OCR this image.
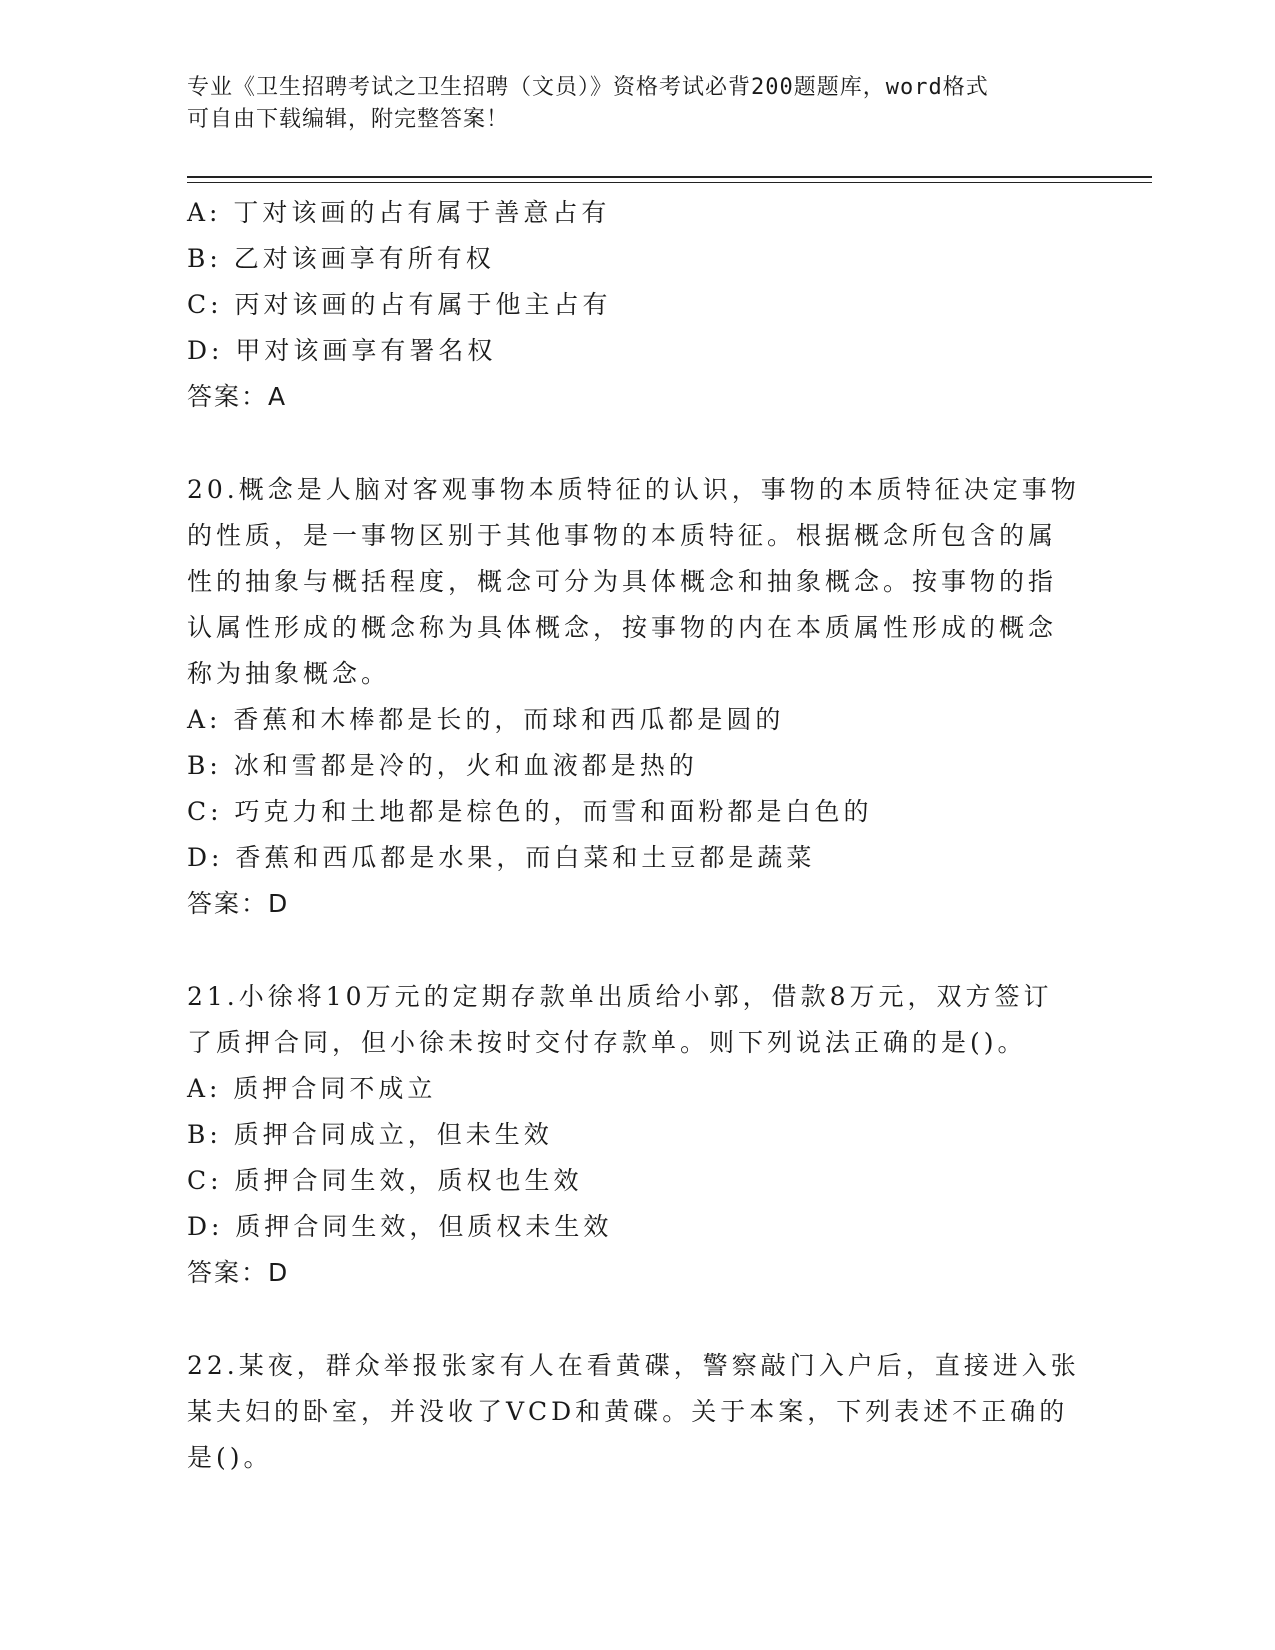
专业《卫生招聘考试之卫生招聘（文员）》资格考试必背200题题库，word格式
可自由下载编辑，附完整答案！
A: 丁对该画的占有属于善意占有
B: 乙对该画享有所有权
C: 丙对该画的占有属于他主占有
D: 甲对该画享有署名权
答案：A
20.概念是人脑对客观事物本质特征的认识，事物的本质特征决定事物
的性质，是一事物区别于其他事物的本质特征。根据概念所包含的属
性的抽象与概括程度，概念可分为具体概念和抽象概念。按事物的指
认属性形成的概念称为具体概念，按事物的内在本质属性形成的概念
称为抽象概念。
A: 香蕉和木棒都是长的，而球和西瓜都是圆的
B: 冰和雪都是冷的，火和血液都是热的
C: 巧克力和土地都是棕色的，而雪和面粉都是白色的
D: 香蕉和西瓜都是水果，而白菜和土豆都是蔬菜
答案：D
21.小徐将10万元的定期存款单出质给小郭，借款8万元，双方签订
了质押合同，但小徐未按时交付存款单。则下列说法正确的是()。
A: 质押合同不成立
B: 质押合同成立，但未生效
C: 质押合同生效，质权也生效
D: 质押合同生效，但质权未生效
答案：D
22.某夜，群众举报张家有人在看黄碟，警察敲门入户后，直接进入张
某夫妇的卧室，并没收了VCD和黄碟。关于本案，下列表述不正确的
是()。
